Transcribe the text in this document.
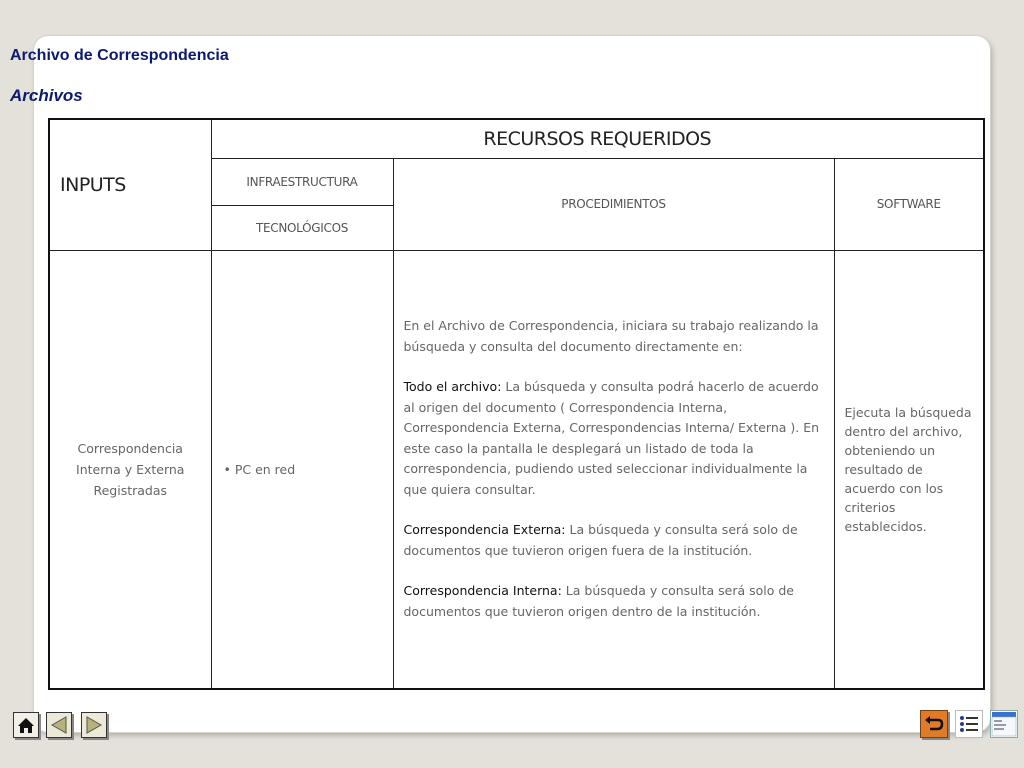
Archivo de Correspondencia
Archivos
INPUTS	RECURSOS REQUERIDOS		
	INFRAESTRUCTURA	PROCEDIMIENTOS	SOFTWARE
	TECNOLÓGICOS		
Correspondencia Interna y Externa Registradas	• PC en red	En el Archivo de Correspondencia, iniciara su trabajo realizando la búsqueda y consulta del documento directamente en:

Todo el archivo: La búsqueda y consulta podrá hacerlo de acuerdo al origen del documento ( Correspondencia Interna, Correspondencia Externa, Correspondencias Interna/ Externa ). En este caso la pantalla le desplegará un listado de toda la correspondencia, pudiendo usted seleccionar individualmente la que quiera consultar.

Correspondencia Externa: La búsqueda y consulta será solo de documentos que tuvieron origen fuera de la institución.

Correspondencia Interna: La búsqueda y consulta será solo de documentos que tuvieron origen dentro de la institución.	Ejecuta la búsqueda dentro del archivo, obteniendo un resultado de acuerdo con los criterios establecidos.
